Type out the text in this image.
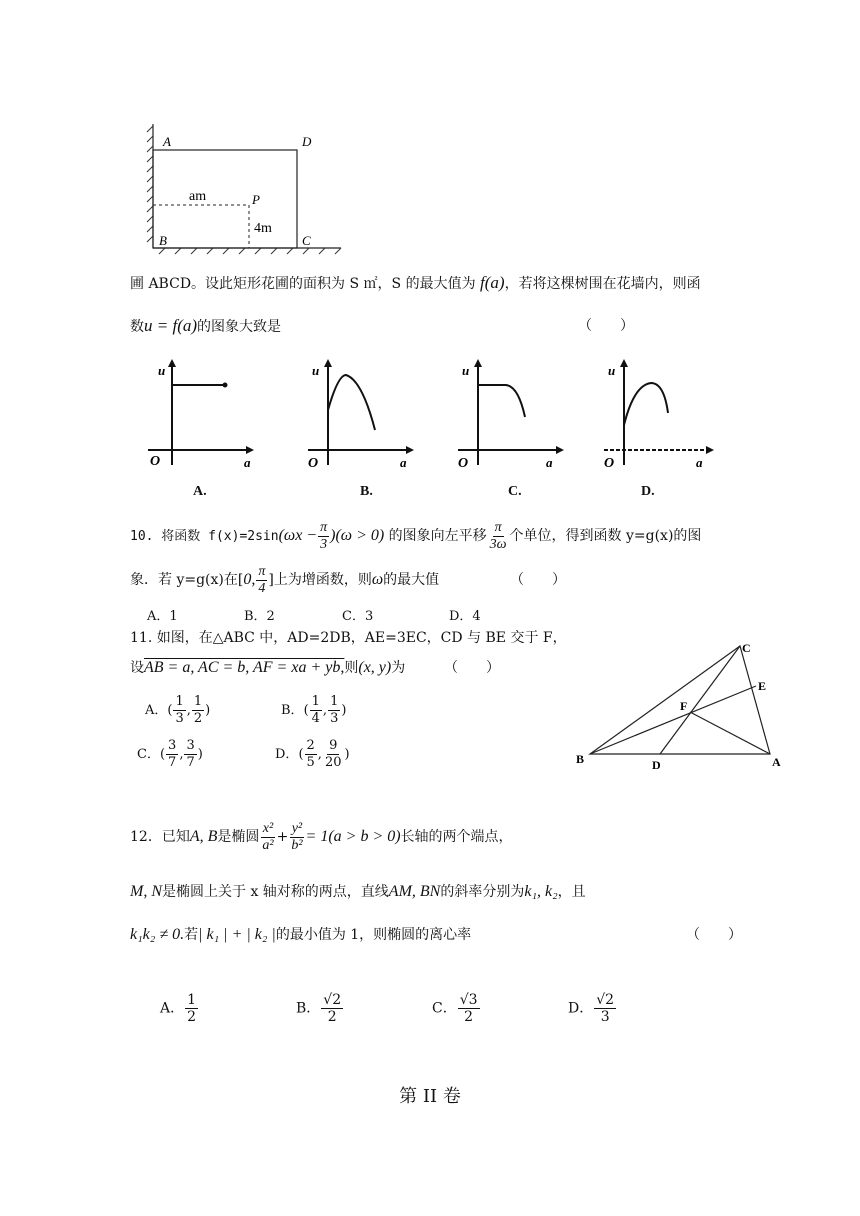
A	D
B	C
P
am
4m
圃 ABCD。设此矩形花圃的面积为 S ㎡，S 的最大值为 f(a)，若将这棵树围在花墙内，则函
数u = f(a)的图象大致是	（　　）
u
O	a
A.
u
O	a
B.
u
O	a
C.
u
O	a
D.
10. 将函数 $f(x)=2\sin(\omega x - \frac{\pi}{3} )(\omega > 0)$ 的图象向左平移 $\frac{\pi}{3\omega}$ 个单位，得到函数 y=g(x)的图
象．若 y=g(x)在[0, $\frac{\pi}{4}$ ]上为增函数，则ω的最大值	（　　）
A．1	B．2	C．3	D．4
11. 如图，在△ABC 中，AD=2DB，AE=3EC，CD 与 BE 交于 F，
设AB = a, AC = b, AF = xa + yb,则(x, y)为	（　　）
A．( $\frac{1}{3}$ , $\frac{1}{2}$ )	B．( $\frac{1}{4}$ , $\frac{1}{3}$ )
C．( $\frac{3}{7}$ , $\frac{3}{7}$ )	D．( $\frac{2}{5}$ , $\frac{9}{20}$ )
C
E
F
B	D	A
12．已知A, B是椭圆 $\frac{\text{x²}}{\text{a²}} + \frac{\text{y²}}{\text{b²}} = 1(a > b > 0)$长轴的两个端点，
M, N是椭圆上关于 x 轴对称的两点，直线AM, BN的斜率分别为k₁, k₂，且
k₁k₂ ≠ 0.若| k₁ | + | k₂ |的最小值为 1，则椭圆的离心率	（　　）
A． $\frac{1}{2}$	B． $\frac{√2}{2}$	C． $\frac{√3}{2}$	D． $\frac{√2}{3}$
第 II 卷
